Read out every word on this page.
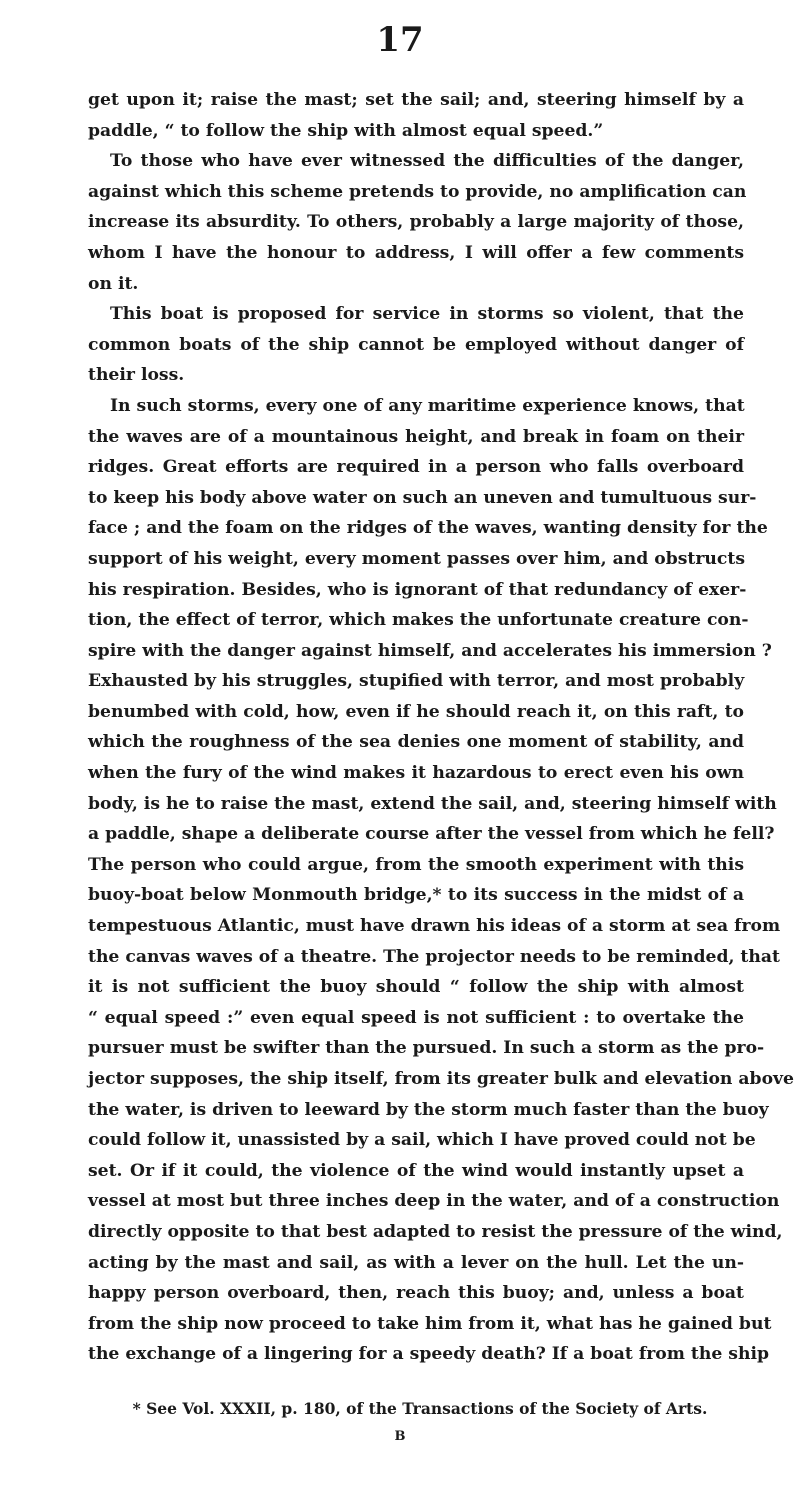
17
get upon it; raise the mast; set the sail; and, steering himself by a
paddle, “ to follow the ship with almost equal speed.”
To those who have ever witnessed the difficulties of the danger,
against which this scheme pretends to provide, no amplification can
increase its absurdity. To others, probably a large majority of those,
whom I have the honour to address, I will offer a few comments
on it.
This boat is proposed for service in storms so violent, that the
common boats of the ship cannot be employed without danger of
their loss.
In such storms, every one of any maritime experience knows, that
the waves are of a mountainous height, and break in foam on their
ridges. Great efforts are required in a person who falls overboard
to keep his body above water on such an uneven and tumultuous sur-
face ; and the foam on the ridges of the waves, wanting density for the
support of his weight, every moment passes over him, and obstructs
his respiration. Besides, who is ignorant of that redundancy of exer-
tion, the effect of terror, which makes the unfortunate creature con-
spire with the danger against himself, and accelerates his immersion ?
Exhausted by his struggles, stupified with terror, and most probably
benumbed with cold, how, even if he should reach it, on this raft, to
which the roughness of the sea denies one moment of stability, and
when the fury of the wind makes it hazardous to erect even his own
body, is he to raise the mast, extend the sail, and, steering himself with
a paddle, shape a deliberate course after the vessel from which he fell?
The person who could argue, from the smooth experiment with this
buoy-boat below Monmouth bridge,* to its success in the midst of a
tempestuous Atlantic, must have drawn his ideas of a storm at sea from
the canvas waves of a theatre. The projector needs to be reminded, that
it is not sufficient the buoy should “ follow the ship with almost
“ equal speed :” even equal speed is not sufficient : to overtake the
pursuer must be swifter than the pursued. In such a storm as the pro-
jector supposes, the ship itself, from its greater bulk and elevation above
the water, is driven to leeward by the storm much faster than the buoy
could follow it, unassisted by a sail, which I have proved could not be
set. Or if it could, the violence of the wind would instantly upset a
vessel at most but three inches deep in the water, and of a construction
directly opposite to that best adapted to resist the pressure of the wind,
acting by the mast and sail, as with a lever on the hull. Let the un-
happy person overboard, then, reach this buoy; and, unless a boat
from the ship now proceed to take him from it, what has he gained but
the exchange of a lingering for a speedy death? If a boat from the ship
* See Vol. XXXII, p. 180, of the Transactions of the Society of Arts.
B
